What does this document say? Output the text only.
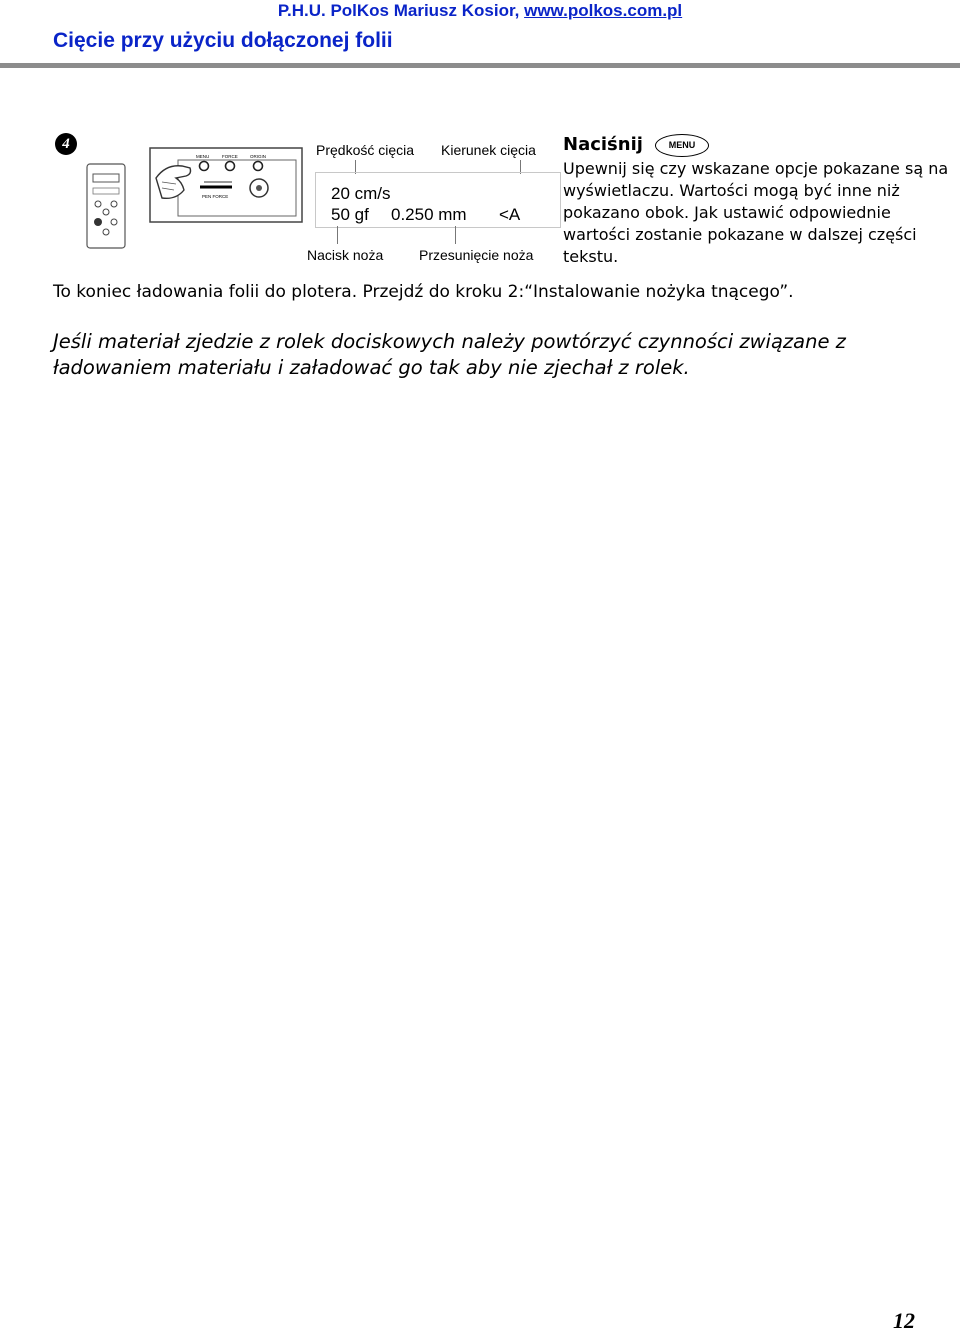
P.H.U. PolKos Mariusz Kosior, www.polkos.com.pl
Cięcie przy użyciu dołączonej folii
4
MENU	FORCE	ORIGIN
PEN FORCE
Prędkość cięcia Kierunek cięcia
20 cm/s
50 gf 0.250 mm <A
Nacisk noża	Przesunięcie noża
Naciśnij	MENU
Upewnij się czy wskazane opcje pokazane są na wyświetlaczu. Wartości mogą być inne niż pokazano obok. Jak ustawić odpowiednie wartości zostanie pokazane w dalszej części tekstu.
To koniec ładowania folii do plotera. Przejdź do kroku 2:“Instalowanie nożyka tnącego”.
Jeśli materiał zjedzie z rolek dociskowych należy powtórzyć czynności związane z ładowaniem materiału i załadować go tak aby nie zjechał z rolek.
12
